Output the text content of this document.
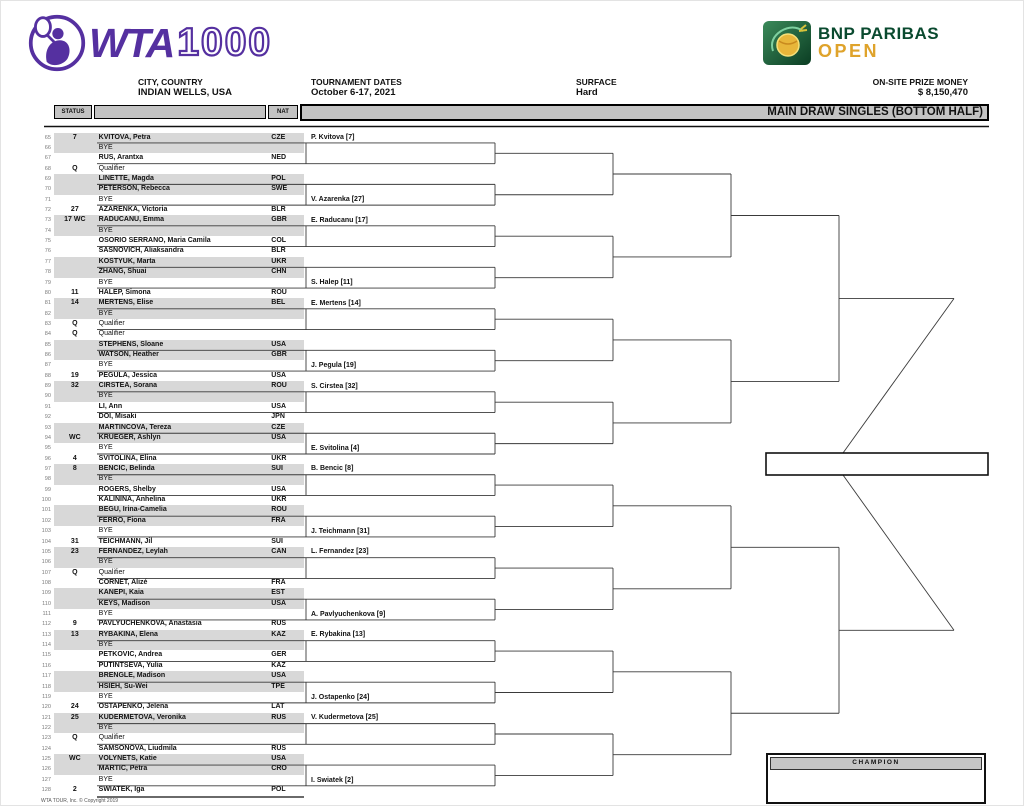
WTA 1000	BNP PARIBAS
OPEN
CITY, COUNTRY
INDIAN WELLS, USA
TOURNAMENT DATES
October 6-17, 2021
SURFACE
Hard
ON-SITE PRIZE MONEY
$ 8,150,470
STATUS	NAT	MAIN DRAW SINGLES (BOTTOM HALF)
65	7	KVITOVA, Petra	CZE
66	BYE
67	RUS, Arantxa	NED
68	Q	Qualifier
69	LINETTE, Magda	POL
70	PETERSON, Rebecca	SWE
71	BYE
72	27	AZARENKA, Victoria	BLR
73	17 WC	RADUCANU, Emma	GBR
74	BYE
75	OSORIO SERRANO, Maria Camila	COL
76	SASNOVICH, Aliaksandra	BLR
77	KOSTYUK, Marta	UKR
78	ZHANG, Shuai	CHN
79	BYE
80	11	HALEP, Simona	ROU
81	14	MERTENS, Elise	BEL
82	BYE
83	Q	Qualifier
84	Q	Qualifier
85	STEPHENS, Sloane	USA
86	WATSON, Heather	GBR
87	BYE
88	19	PEGULA, Jessica	USA
89	32	CIRSTEA, Sorana	ROU
90	BYE
91	LI, Ann	USA
92	DOI, Misaki	JPN
93	MARTINCOVA, Tereza	CZE
94	WC	KRUEGER, Ashlyn	USA
95	BYE
96	4	SVITOLINA, Elina	UKR
97	8	BENCIC, Belinda	SUI
98	BYE
99	ROGERS, Shelby	USA
100	KALININA, Anhelina	UKR
101	BEGU, Irina-Camelia	ROU
102	FERRO, Fiona	FRA
103	BYE
104	31	TEICHMANN, Jil	SUI
105	23	FERNANDEZ, Leylah	CAN
106	BYE
107	Q	Qualifier
108	CORNET, Alizé	FRA
109	KANEPI, Kaia	EST
110	KEYS, Madison	USA
111	BYE
112	9	PAVLYUCHENKOVA, Anastasia	RUS
113	13	RYBAKINA, Elena	KAZ
114	BYE
115	PETKOVIC, Andrea	GER
116	PUTINTSEVA, Yulia	KAZ
117	BRENGLE, Madison	USA
118	HSIEH, Su-Wei	TPE
119	BYE
120	24	OSTAPENKO, Jelena	LAT
121	25	KUDERMETOVA, Veronika	RUS
122	BYE
123	Q	Qualifier
124	SAMSONOVA, Liudmila	RUS
125	WC	VOLYNETS, Katie	USA
126	MARTIC, Petra	CRO
127	BYE
128	2	SWIATEK, Iga	POL
P. Kvitova [7]
V. Azarenka [27]
E. Raducanu [17]
S. Halep [11]
E. Mertens [14]
J. Pegula [19]
S. Cirstea [32]
E. Svitolina [4]
B. Bencic [8]
J. Teichmann [31]
L. Fernandez [23]
A. Pavlyuchenkova [9]
E. Rybakina [13]
J. Ostapenko [24]
V. Kudermetova [25]
I. Swiatek [2]
CHAMPION
WTA TOUR, Inc. © Copyright 2019
